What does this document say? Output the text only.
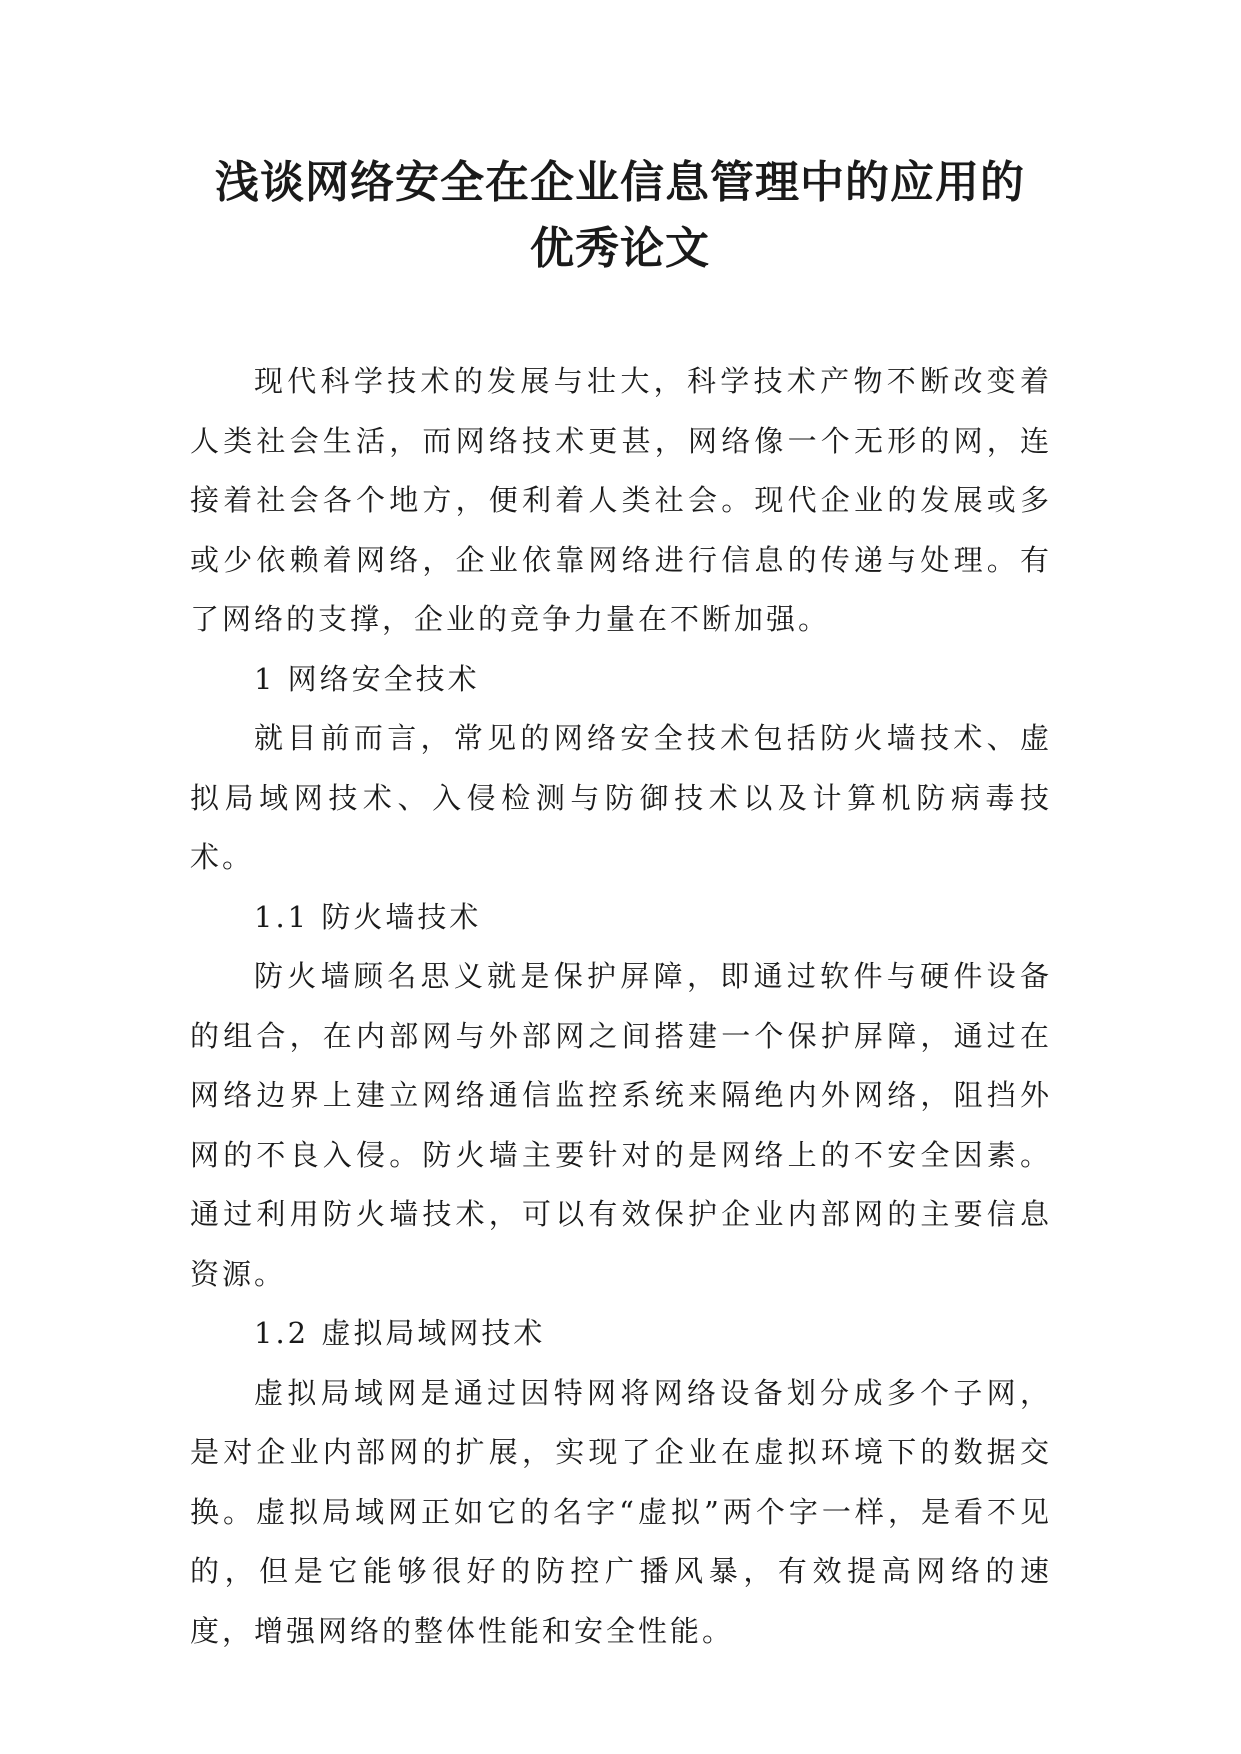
浅谈网络安全在企业信息管理中的应用的
优秀论文

现代科学技术的发展与壮大，科学技术产物不断改变着人类社会生活，而网络技术更甚，网络像一个无形的网，连接着社会各个地方，便利着人类社会。现代企业的发展或多或少依赖着网络，企业依靠网络进行信息的传递与处理。有了网络的支撑，企业的竞争力量在不断加强。

1 网络安全技术

就目前而言，常见的网络安全技术包括防火墙技术、虚拟局域网技术、入侵检测与防御技术以及计算机防病毒技术。

1.1 防火墙技术

防火墙顾名思义就是保护屏障，即通过软件与硬件设备的组合，在内部网与外部网之间搭建一个保护屏障，通过在网络边界上建立网络通信监控系统来隔绝内外网络，阻挡外网的不良入侵。防火墙主要针对的是网络上的不安全因素。通过利用防火墙技术，可以有效保护企业内部网的主要信息资源。

1.2 虚拟局域网技术

虚拟局域网是通过因特网将网络设备划分成多个子网，是对企业内部网的扩展，实现了企业在虚拟环境下的数据交换。虚拟局域网正如它的名字“虚拟”两个字一样，是看不见的，但是它能够很好的防控广播风暴，有效提高网络的速度，增强网络的整体性能和安全性能。
